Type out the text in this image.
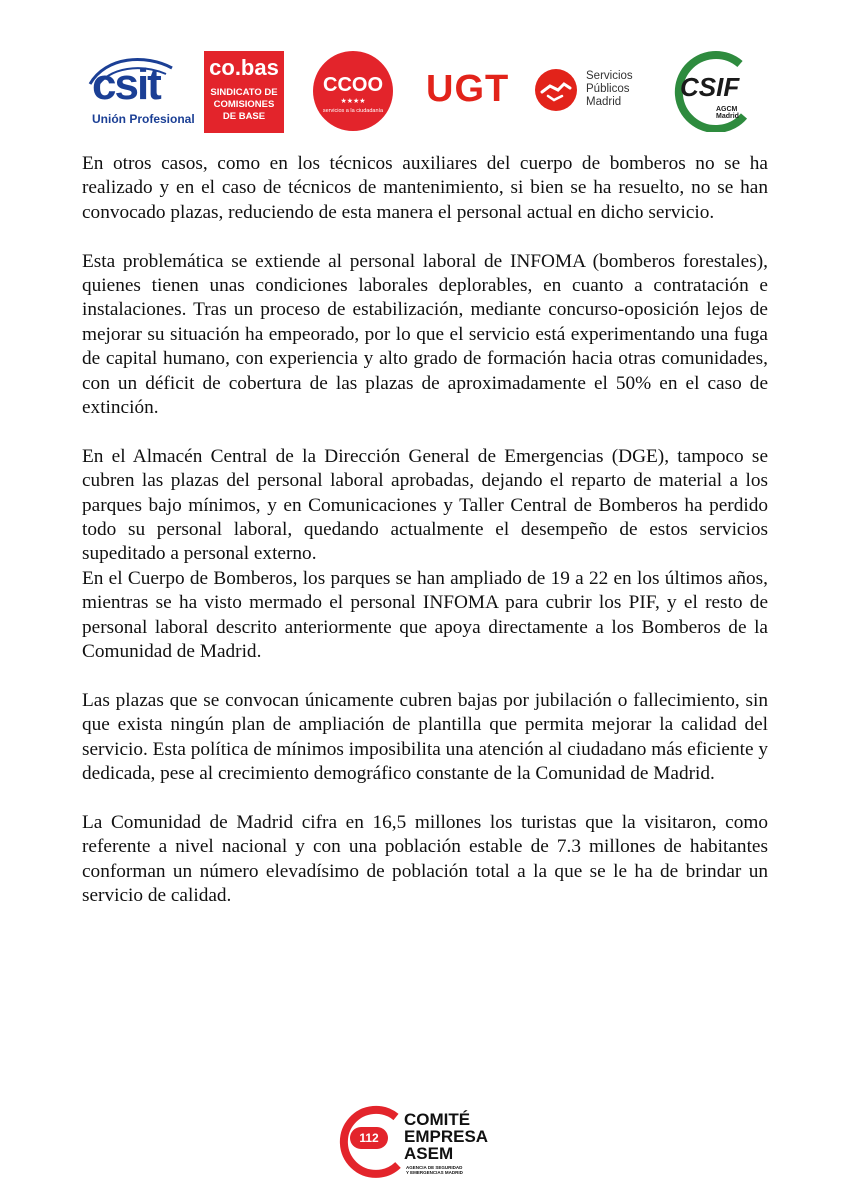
csit
Unión Profesional
co.bas
SINDICATO DE
COMISIONES
DE BASE
CCOO
★★★★
servicios a la ciudadanía
UGT	Servicios
Públicos
Madrid	CSIF
AGCM
Madrid

En otros casos, como en los técnicos auxiliares del cuerpo de bomberos no se ha realizado y en el caso de técnicos de mantenimiento, si bien se ha resuelto, no se han convocado plazas, reduciendo de esta manera el personal actual en dicho servicio.

Esta problemática se extiende al personal laboral de INFOMA (bomberos forestales), quienes tienen unas condiciones laborales deplorables, en cuanto a contratación e instalaciones. Tras un proceso de estabilización, mediante concurso-oposición lejos de mejorar su situación ha empeorado, por lo que el servicio está experimentando una fuga de capital humano, con experiencia y alto grado de formación hacia otras comunidades, con un déficit de cobertura de las plazas de aproximadamente el 50% en el caso de extinción.

En el Almacén Central de la Dirección General de Emergencias (DGE), tampoco se cubren las plazas del personal laboral aprobadas, dejando el reparto de material a los parques bajo mínimos, y en Comunicaciones y Taller Central de Bomberos ha perdido todo su personal laboral, quedando actualmente el desempeño de estos servicios supeditado a personal externo.

En el Cuerpo de Bomberos, los parques se han ampliado de 19 a 22 en los últimos años, mientras se ha visto mermado el personal INFOMA para cubrir los PIF, y el resto de personal laboral descrito anteriormente que apoya directamente a los Bomberos de la Comunidad de Madrid.

Las plazas que se convocan únicamente cubren bajas por jubilación o fallecimiento, sin que exista ningún plan de ampliación de plantilla que permita mejorar la calidad del servicio. Esta política de mínimos imposibilita una atención al ciudadano más eficiente y dedicada, pese al crecimiento demográfico constante de la Comunidad de Madrid.

La Comunidad de Madrid cifra en 16,5 millones los turistas que la visitaron, como referente a nivel nacional y con una población estable de 7.3 millones de habitantes conforman un número elevadísimo de población total a la que se le ha de brindar un servicio de calidad.

112
COMITÉ
EMPRESA
ASEM
AGENCIA DE SEGURIDAD
Y EMERGENCIAS MADRID
